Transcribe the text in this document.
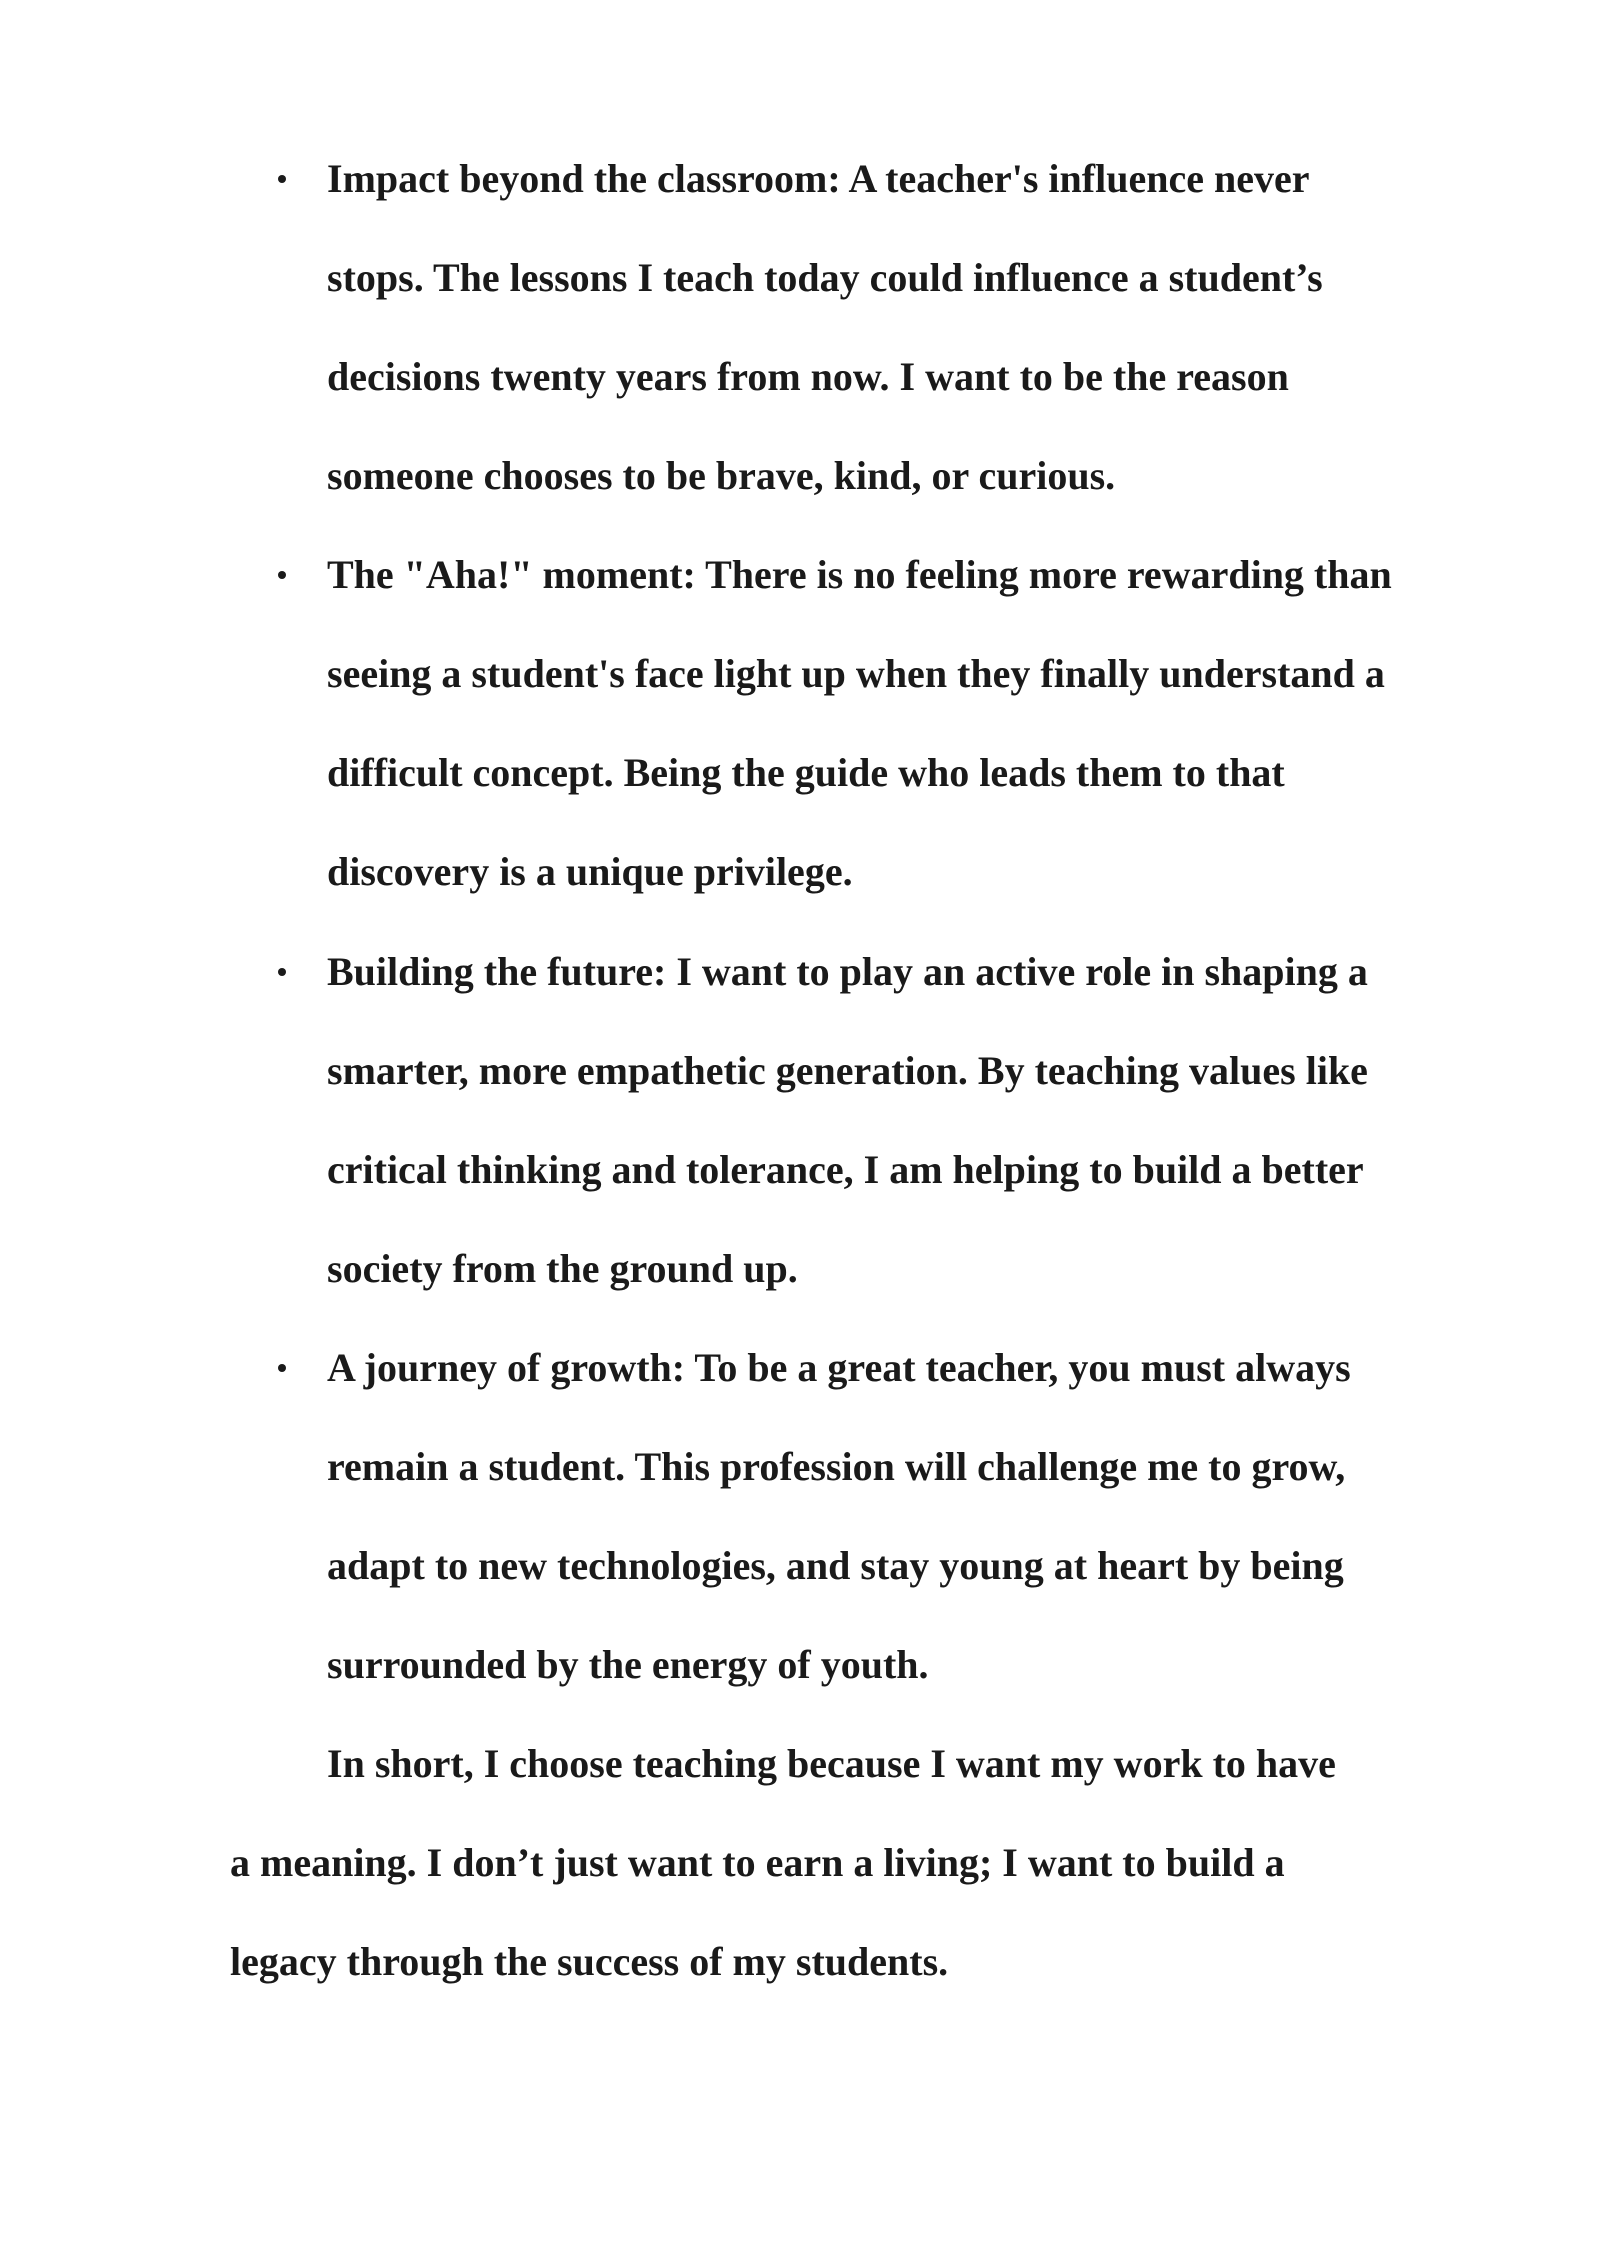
Impact beyond the classroom: A teacher's influence never
stops. The lessons I teach today could influence a student’s
decisions twenty years from now. I want to be the reason
someone chooses to be brave, kind, or curious.
The "Aha!" moment: There is no feeling more rewarding than
seeing a student's face light up when they finally understand a
difficult concept. Being the guide who leads them to that
discovery is a unique privilege.
Building the future: I want to play an active role in shaping a
smarter, more empathetic generation. By teaching values like
critical thinking and tolerance, I am helping to build a better
society from the ground up.
A journey of growth: To be a great teacher, you must always
remain a student. This profession will challenge me to grow,
adapt to new technologies, and stay young at heart by being
surrounded by the energy of youth.
In short, I choose teaching because I want my work to have
a meaning. I don’t just want to earn a living; I want to build a
legacy through the success of my students.
